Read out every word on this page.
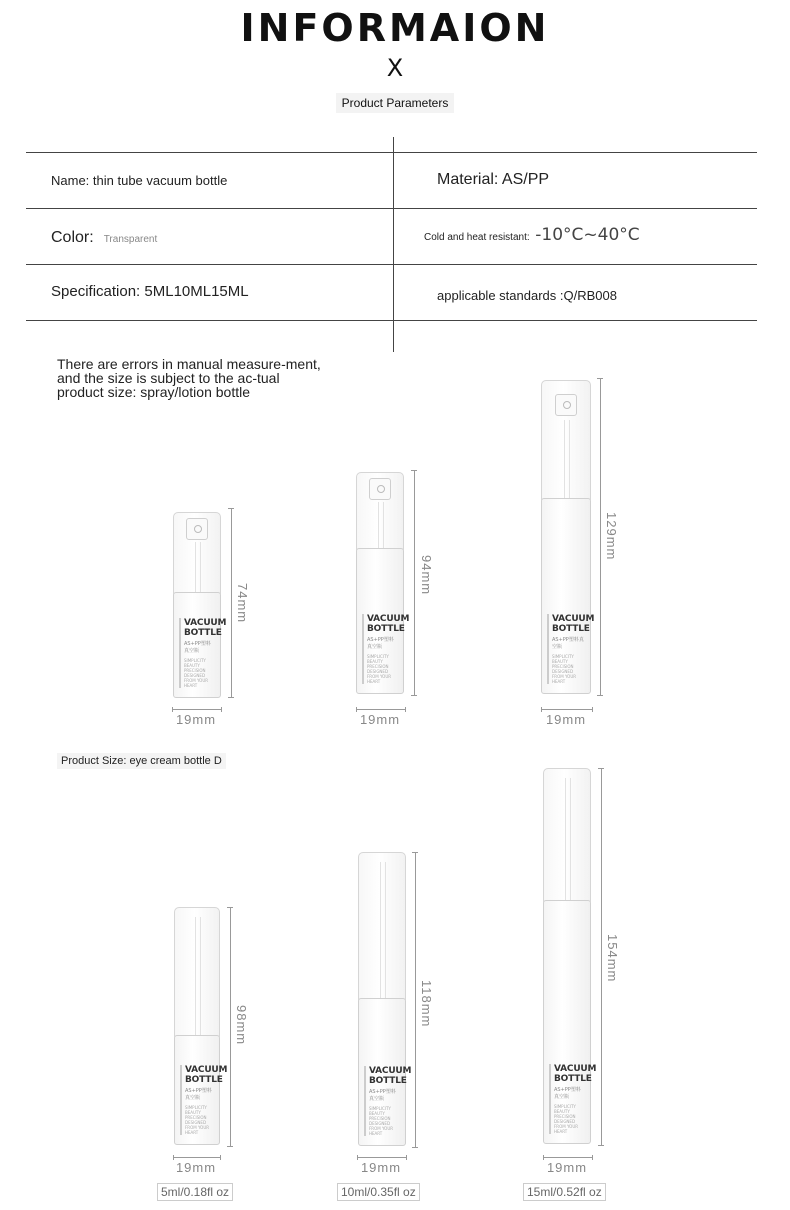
INFORMAION
X
Product Parameters
Name: thin tube vacuum bottle	Material: AS/PP
Color: Transparent	Cold and heat resistant: -10°C~40°C
Specification: 5ML10ML15ML	applicable standards :Q/RB008
There are errors in manual measure-ment, and the size is subject to the ac-tual product size: spray/lotion bottle
VACUUM
BOTTLE
AS+PP塑料真空瓶
SIMPLICITY BEAUTY PRECISION DESIGNED FROM YOUR HEART
74mm
19mm
VACUUM
BOTTLE
AS+PP塑料真空瓶
SIMPLICITY BEAUTY PRECISION DESIGNED FROM YOUR HEART
94mm
19mm
VACUUM
BOTTLE
AS+PP塑料真空瓶
SIMPLICITY BEAUTY PRECISION DESIGNED FROM YOUR HEART
129mm
19mm
Product Size: eye cream bottle D
VACUUM
BOTTLE
AS+PP塑料真空瓶
SIMPLICITY BEAUTY PRECISION DESIGNED FROM YOUR HEART
98mm
19mm
5ml/0.18fl oz
VACUUM
BOTTLE
AS+PP塑料真空瓶
SIMPLICITY BEAUTY PRECISION DESIGNED FROM YOUR HEART
118mm
19mm
10ml/0.35fl oz
VACUUM
BOTTLE
AS+PP塑料真空瓶
SIMPLICITY BEAUTY PRECISION DESIGNED FROM YOUR HEART
154mm
19mm
15ml/0.52fl oz
